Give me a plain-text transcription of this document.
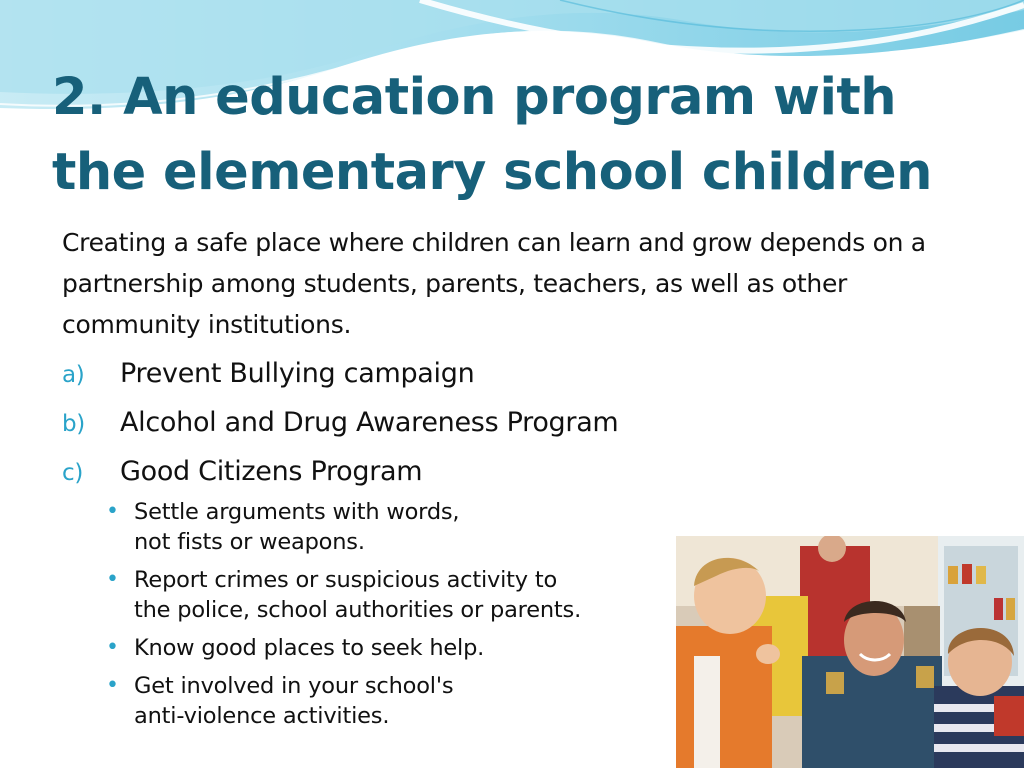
2. An education program with the elementary school children

Creating a safe place where children can learn and grow depends on a partnership among students, parents, teachers, as well as other community institutions.

a) Prevent Bullying campaign
b) Alcohol and Drug Awareness Program
c) Good Citizens Program
• Settle arguments with words,
not fists or weapons.
• Report crimes or suspicious activity to
the police, school authorities or parents.
• Know good places to seek help.
• Get involved in your school's
anti-violence activities.
